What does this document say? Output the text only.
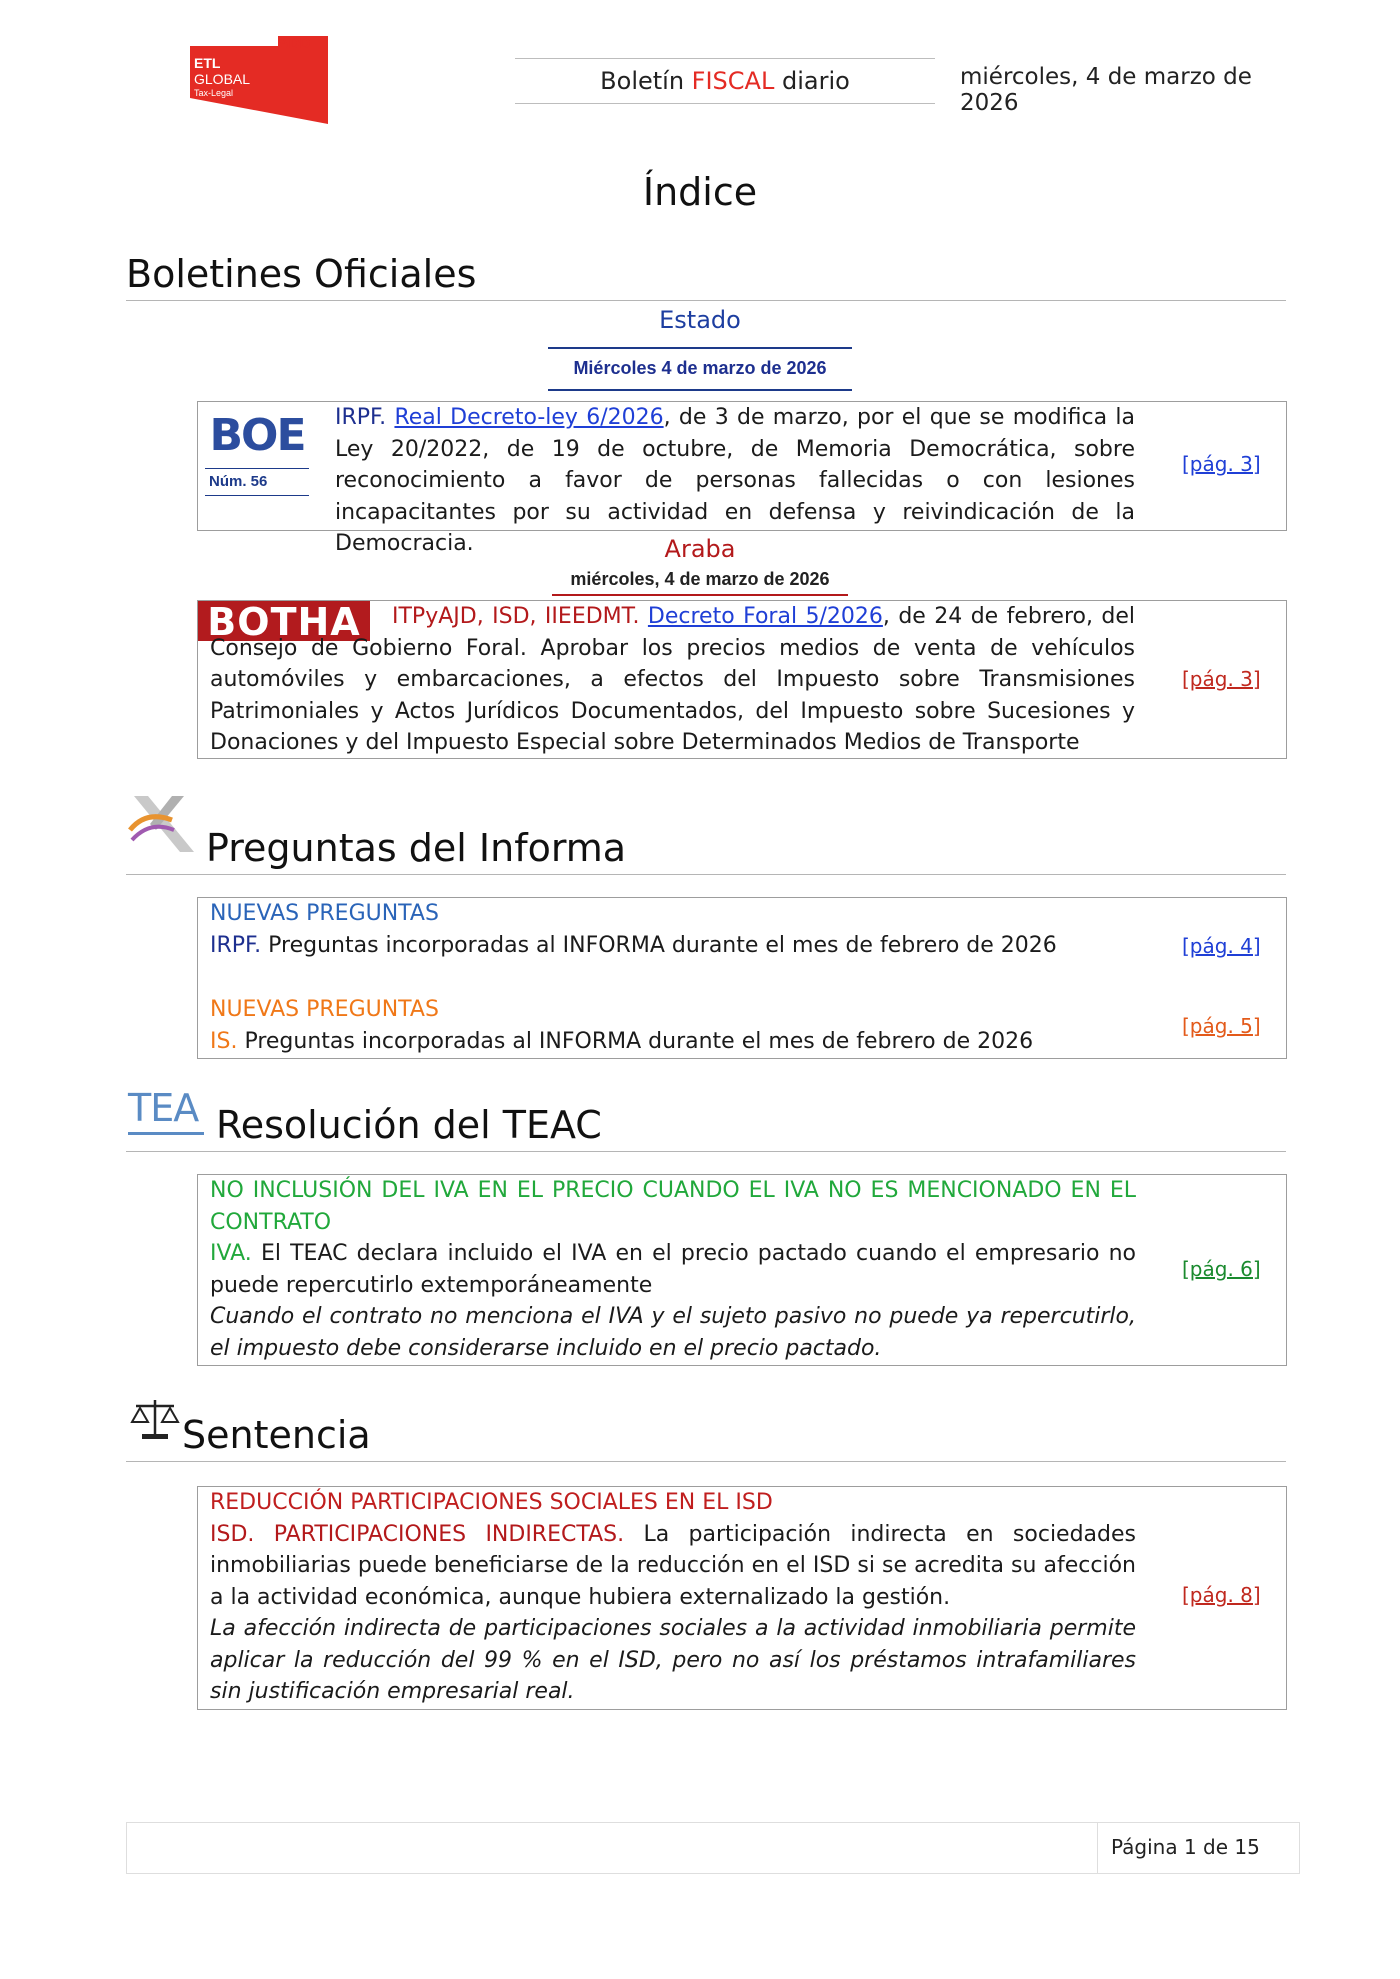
ADD
ETL
GLOBAL
Tax-Legal	Boletín FISCAL diario	miércoles, 4 de marzo de 2026
Índice
Boletines Oficiales
Estado
Miércoles 4 de marzo de 2026
BOE
Núm. 56
IRPF. Real Decreto-ley 6/2026, de 3 de marzo, por el que se modifica la Ley 20/2022, de 19 de octubre, de Memoria Democrática, sobre reconocimiento a favor de personas fallecidas o con lesiones incapacitantes por su actividad en defensa y reivindicación de la Democracia.
[pág. 3]
Araba
miércoles, 4 de marzo de 2026
BOTHA	ITPyAJD, ISD, IIEEDMT. Decreto Foral 5/2026, de 24 de febrero, del Consejo de Gobierno Foral. Aprobar los precios medios de venta de vehículos automóviles y embarcaciones, a efectos del Impuesto sobre Transmisiones Patrimoniales y Actos Jurídicos Documentados, del Impuesto sobre Sucesiones y Donaciones y del Impuesto Especial sobre Determinados Medios de Transporte
[pág. 3]
Preguntas del Informa
NUEVAS PREGUNTAS
IRPF. Preguntas incorporadas al INFORMA durante el mes de febrero de 2026	[pág. 4]
NUEVAS PREGUNTAS
IS. Preguntas incorporadas al INFORMA durante el mes de febrero de 2026
[pág. 5]
TEA Resolución del TEAC
NO INCLUSIÓN DEL IVA EN EL PRECIO CUANDO EL IVA NO ES MENCIONADO EN EL CONTRATO
IVA. El TEAC declara incluido el IVA en el precio pactado cuando el empresario no puede repercutirlo extemporáneamente
Cuando el contrato no menciona el IVA y el sujeto pasivo no puede ya repercutirlo, el impuesto debe considerarse incluido en el precio pactado.
[pág. 6]
Sentencia
REDUCCIÓN PARTICIPACIONES SOCIALES EN EL ISD
ISD. PARTICIPACIONES INDIRECTAS. La participación indirecta en sociedades inmobiliarias puede beneficiarse de la reducción en el ISD si se acredita su afección a la actividad económica, aunque hubiera externalizado la gestión.
La afección indirecta de participaciones sociales a la actividad inmobiliaria permite aplicar la reducción del 99 % en el ISD, pero no así los préstamos intrafamiliares sin justificación empresarial real.
[pág. 8]
Página 1 de 15
